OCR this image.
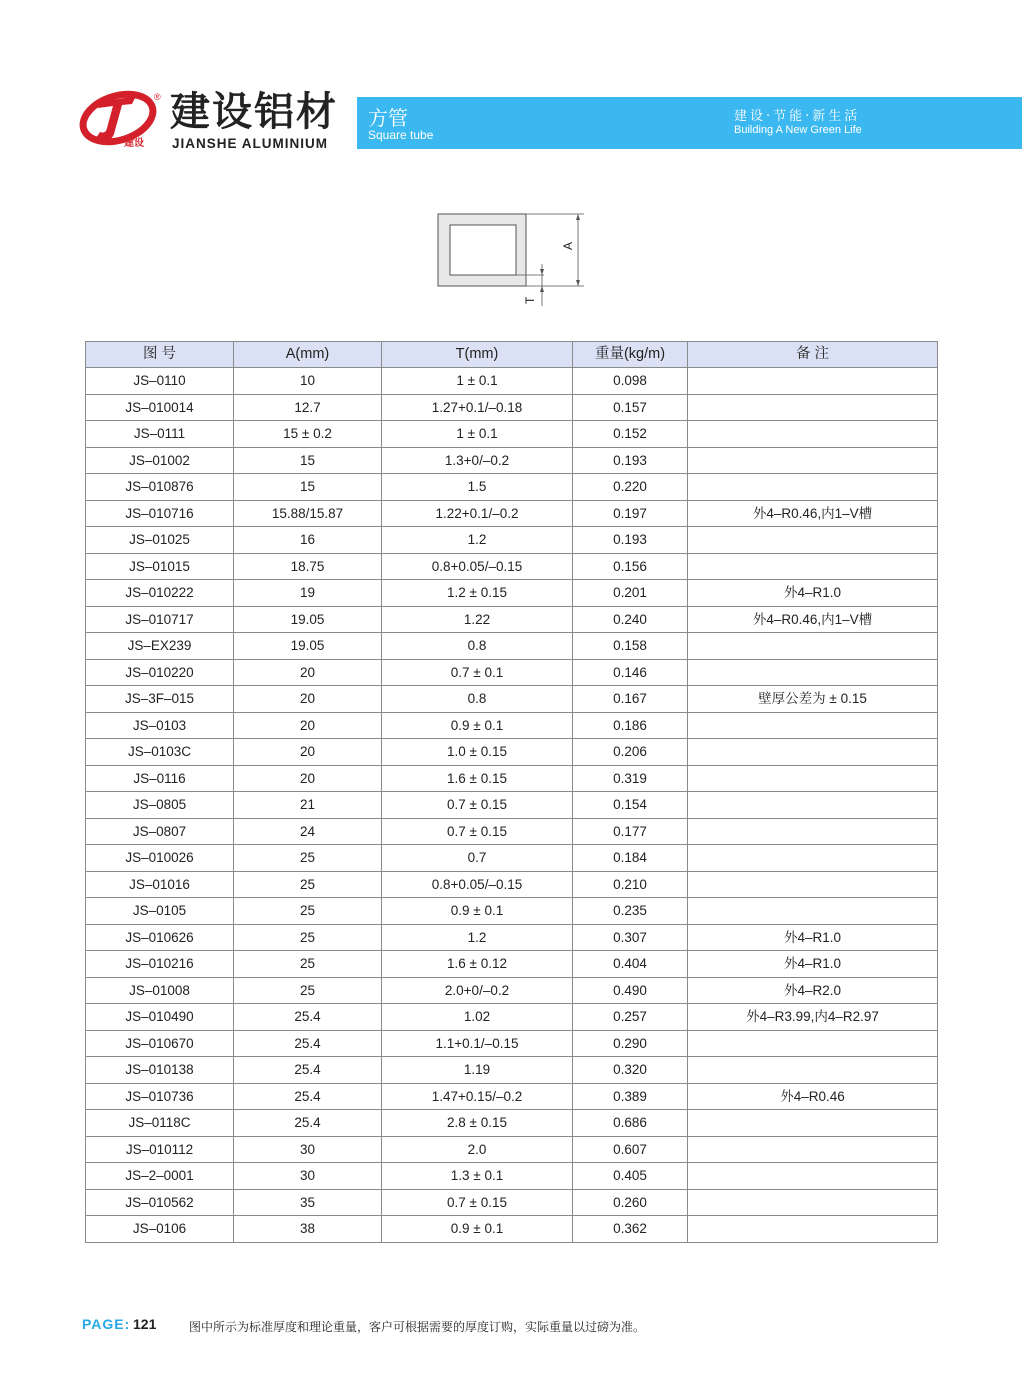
建设
® 建设铝材
JIANSHE ALUMINIUM
方管
Square tube
建设·节能·新生活
Building A New Green Life
A
T
图 号	A(mm)	T(mm)	重量(kg/m)	备 注
JS–0110	10	1 ± 0.1	0.098	
JS–010014	12.7	1.27+0.1/–0.18	0.157	
JS–0111	15 ± 0.2	1 ± 0.1	0.152	
JS–01002	15	1.3+0/–0.2	0.193	
JS–010876	15	1.5	0.220	
JS–010716	15.88/15.87	1.22+0.1/–0.2	0.197	外4–R0.46,内1–V槽
JS–01025	16	1.2	0.193	
JS–01015	18.75	0.8+0.05/–0.15	0.156	
JS–010222	19	1.2 ± 0.15	0.201	外4–R1.0
JS–010717	19.05	1.22	0.240	外4–R0.46,内1–V槽
JS–EX239	19.05	0.8	0.158	
JS–010220	20	0.7 ± 0.1	0.146	
JS–3F–015	20	0.8	0.167	壁厚公差为 ± 0.15
JS–0103	20	0.9 ± 0.1	0.186	
JS–0103C	20	1.0 ± 0.15	0.206	
JS–0116	20	1.6 ± 0.15	0.319	
JS–0805	21	0.7 ± 0.15	0.154	
JS–0807	24	0.7 ± 0.15	0.177	
JS–010026	25	0.7	0.184	
JS–01016	25	0.8+0.05/–0.15	0.210	
JS–0105	25	0.9 ± 0.1	0.235	
JS–010626	25	1.2	0.307	外4–R1.0
JS–010216	25	1.6 ± 0.12	0.404	外4–R1.0
JS–01008	25	2.0+0/–0.2	0.490	外4–R2.0
JS–010490	25.4	1.02	0.257	外4–R3.99,内4–R2.97
JS–010670	25.4	1.1+0.1/–0.15	0.290	
JS–010138	25.4	1.19	0.320	
JS–010736	25.4	1.47+0.15/–0.2	0.389	外4–R0.46
JS–0118C	25.4	2.8 ± 0.15	0.686	
JS–010112	30	2.0	0.607	
JS–2–0001	30	1.3 ± 0.1	0.405	
JS–010562	35	0.7 ± 0.15	0.260	
JS–0106	38	0.9 ± 0.1	0.362	
PAGE: 121	图中所示为标准厚度和理论重量，客户可根据需要的厚度订购，实际重量以过磅为准。
